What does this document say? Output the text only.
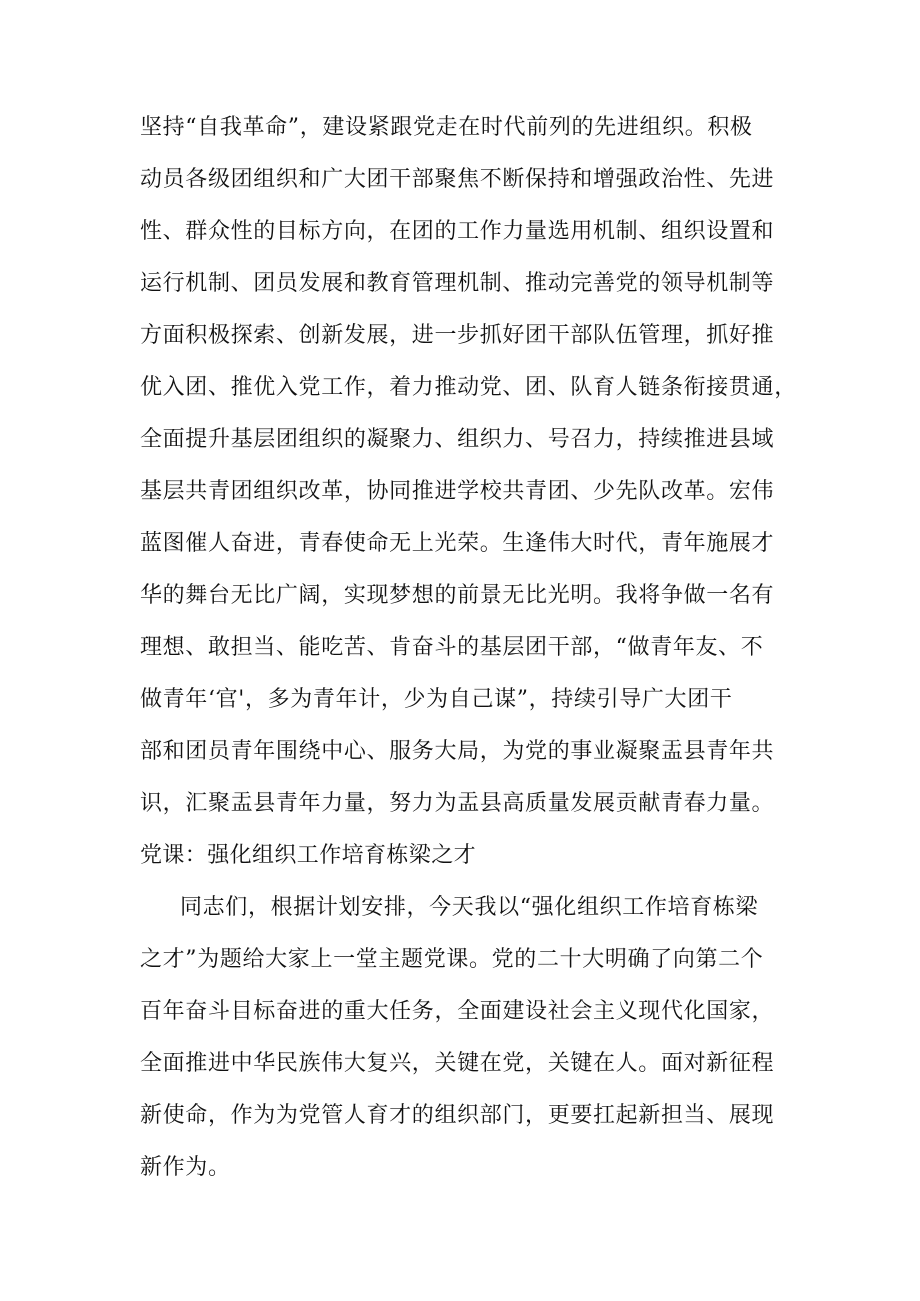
坚持“自我革命”，建设紧跟党走在时代前列的先进组织。积极
动员各级团组织和广大团干部聚焦不断保持和增强政治性、先进
性、群众性的目标方向，在团的工作力量选用机制、组织设置和
运行机制、团员发展和教育管理机制、推动完善党的领导机制等
方面积极探索、创新发展，进一步抓好团干部队伍管理，抓好推
优入团、推优入党工作，着力推动党、团、队育人链条衔接贯通，
全面提升基层团组织的凝聚力、组织力、号召力，持续推进县域
基层共青团组织改革，协同推进学校共青团、少先队改革。宏伟
蓝图催人奋进，青春使命无上光荣。生逢伟大时代，青年施展才
华的舞台无比广阔，实现梦想的前景无比光明。我将争做一名有
理想、敢担当、能吃苦、肯奋斗的基层团干部，“做青年友、不
做青年‘官'，多为青年计，少为自己谋”，持续引导广大团干
部和团员青年围绕中心、服务大局，为党的事业凝聚盂县青年共
识，汇聚盂县青年力量，努力为盂县高质量发展贡献青春力量。
党课：强化组织工作培育栋梁之才
同志们，根据计划安排，今天我以“强化组织工作培育栋梁
之才”为题给大家上一堂主题党课。党的二十大明确了向第二个
百年奋斗目标奋进的重大任务，全面建设社会主义现代化国家，
全面推进中华民族伟大复兴，关键在党，关键在人。面对新征程
新使命，作为为党管人育才的组织部门，更要扛起新担当、展现
新作为。
